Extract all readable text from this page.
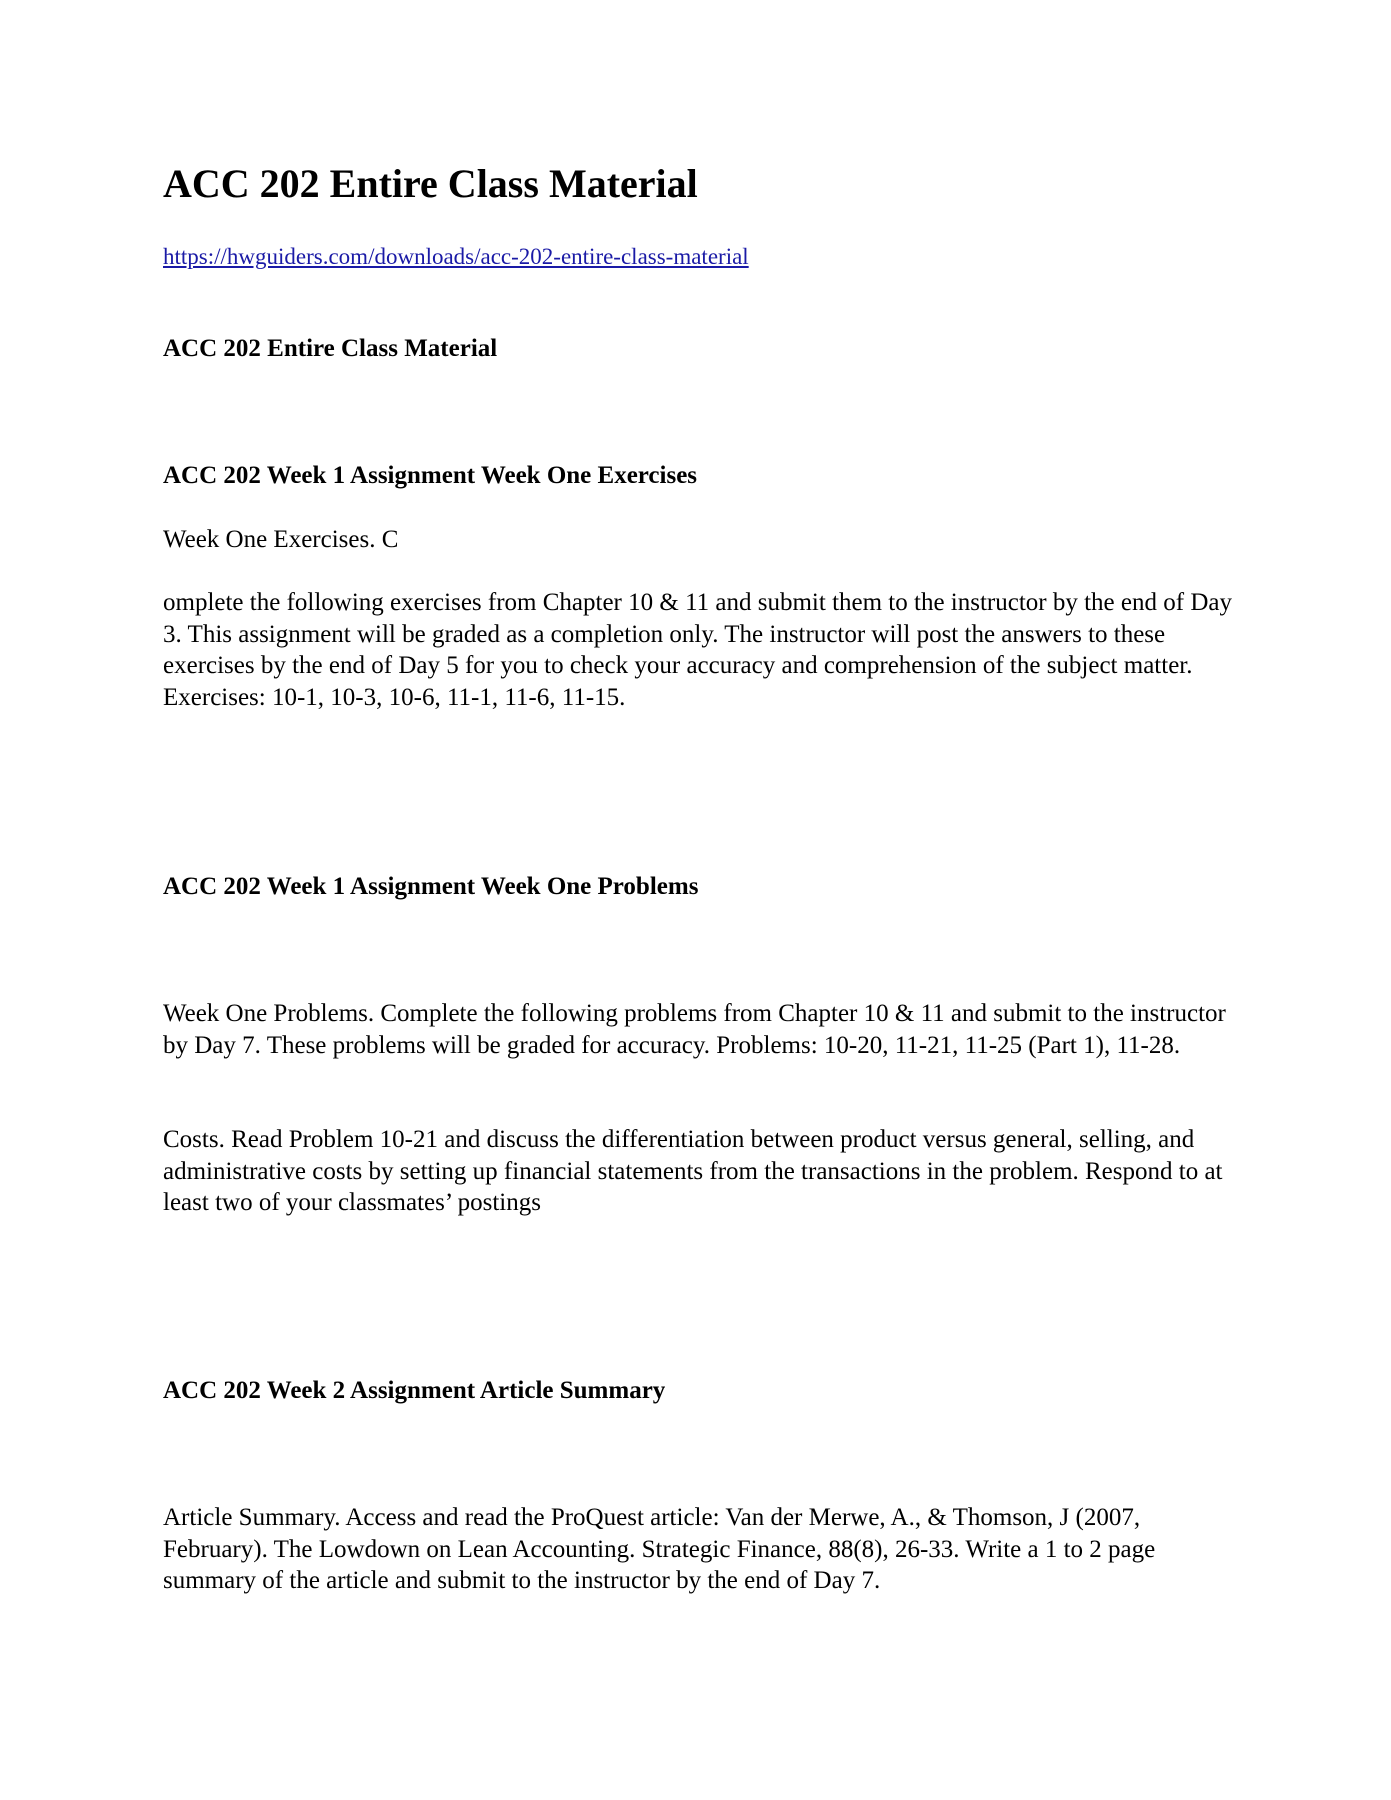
ACC 202 Entire Class Material
https://hwguiders.com/downloads/acc-202-entire-class-material
ACC 202 Entire Class Material
ACC 202 Week 1 Assignment Week One Exercises

Week One Exercises. C

omplete the following exercises from Chapter 10 & 11 and submit them to the instructor by the end of Day 3. This assignment will be graded as a completion only. The instructor will post the answers to these exercises by the end of Day 5 for you to check your accuracy and comprehension of the subject matter. Exercises: 10-1, 10-3, 10-6, 11-1, 11-6, 11-15.

ACC 202 Week 1 Assignment Week One Problems

Week One Problems. Complete the following problems from Chapter 10 & 11 and submit to the instructor by Day 7. These problems will be graded for accuracy. Problems: 10-20, 11-21, 11-25 (Part 1), 11-28.

Costs. Read Problem 10-21 and discuss the differentiation between product versus general, selling, and administrative costs by setting up financial statements from the transactions in the problem. Respond to at least two of your classmates’ postings

ACC 202 Week 2 Assignment Article Summary

Article Summary. Access and read the ProQuest article: Van der Merwe, A., & Thomson, J (2007, February). The Lowdown on Lean Accounting. Strategic Finance, 88(8), 26-33. Write a 1 to 2 page summary of the article and submit to the instructor by the end of Day 7.
